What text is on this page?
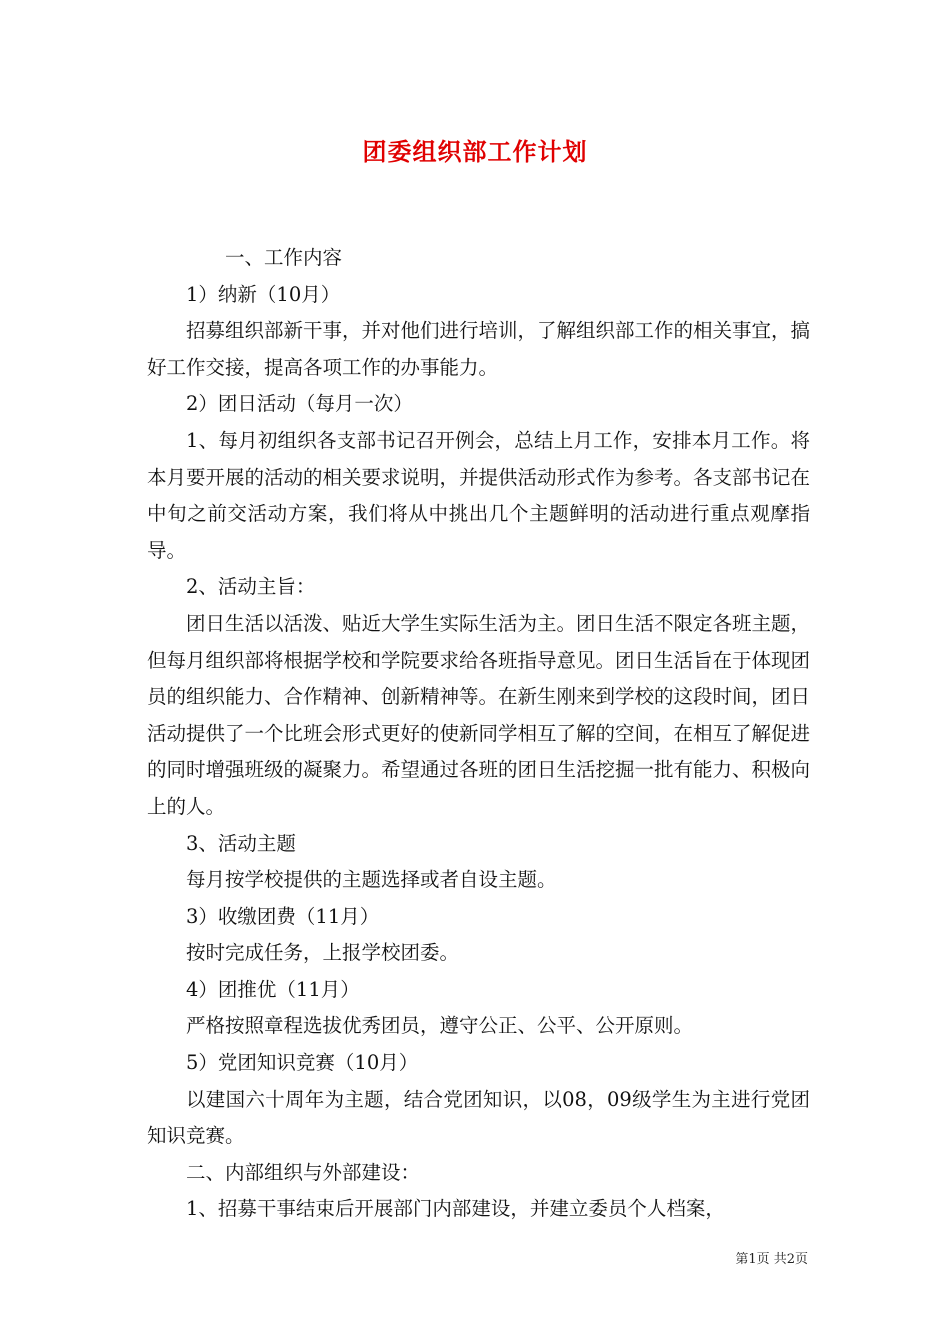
团委组织部工作计划

一、工作内容

1）纳新（10月）

招募组织部新干事，并对他们进行培训，了解组织部工作的相关事宜，搞好工作交接，提高各项工作的办事能力。

2）团日活动（每月一次）

1、每月初组织各支部书记召开例会，总结上月工作，安排本月工作。将本月要开展的活动的相关要求说明，并提供活动形式作为参考。各支部书记在中旬之前交活动方案，我们将从中挑出几个主题鲜明的活动进行重点观摩指导。

2、活动主旨：

团日生活以活泼、贴近大学生实际生活为主。团日生活不限定各班主题，但每月组织部将根据学校和学院要求给各班指导意见。团日生活旨在于体现团员的组织能力、合作精神、创新精神等。在新生刚来到学校的这段时间，团日活动提供了一个比班会形式更好的使新同学相互了解的空间，在相互了解促进的同时增强班级的凝聚力。希望通过各班的团日生活挖掘一批有能力、积极向上的人。

3、活动主题

每月按学校提供的主题选择或者自设主题。

3）收缴团费（11月）

按时完成任务，上报学校团委。

4）团推优（11月）

严格按照章程选拔优秀团员，遵守公正、公平、公开原则。

5）党团知识竞赛（10月）

以建国六十周年为主题，结合党团知识，以08，09级学生为主进行党团知识竞赛。

二、内部组织与外部建设：

1、招募干事结束后开展部门内部建设，并建立委员个人档案，

第1页 共2页
